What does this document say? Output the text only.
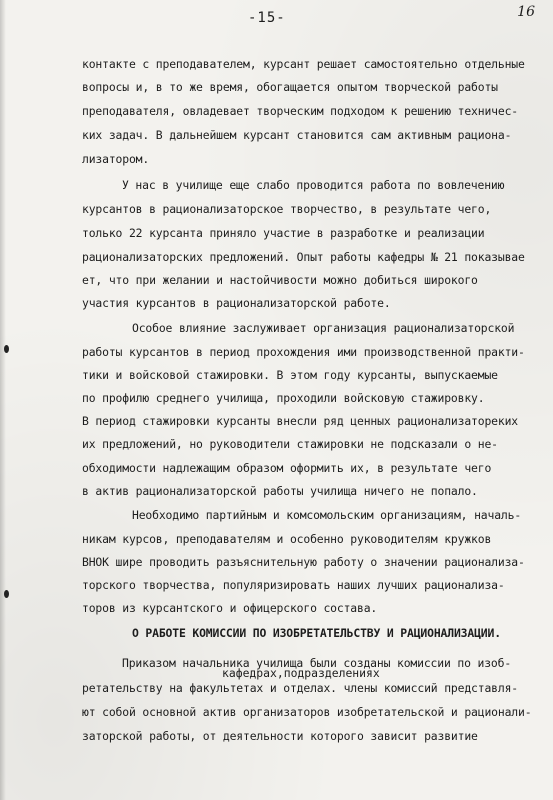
-15-	16
контакте с преподавателем, курсант решает самостоятельно отдельные
вопросы и, в то же время, обогащается опытом творческой работы
преподавателя, овладевает творческим подходом к решению техничес-
ких задач. В дальнейшем курсант становится сам активным рациона-
лизатором.
У нас в училище еще слабо проводится работа по вовлечению
курсантов в рационализаторское творчество, в результате чего,
только 22 курсанта приняло участие в разработке и реализации
рационализаторских предложений. Опыт работы кафедры № 21 показывае
ет, что при желании и настойчивости можно добиться широкого
участия курсантов в рационализаторской работе.
Особое влияние заслуживает организация рационализаторской
работы курсантов в период прохождения ими производственной практи-
тики и войсковой стажировки. В этом году курсанты, выпускаемые
по профилю среднего училища, проходили войсковую стажировку.
В период стажировки курсанты внесли ряд ценных рационализатореких
их предложений, но руководители стажировки не подсказали о не-
обходимости надлежащим образом оформить их, в результате чего
в актив рационализаторской работы училища ничего не попало.
Необходимо партийным и комсомольским организациям, началь-
никам курсов, преподавателям и особенно руководителям кружков
ВНОК шире проводить разъяснительную работу о значении рационализа-
торского творчества, популяризировать наших лучших рационализа-
торов из курсантского и офицерского состава.
О РАБОТЕ КОМИССИИ ПО ИЗОБРЕТАТЕЛЬСТВУ И РАЦИОНАЛИЗАЦИИ.
Приказом начальника училища были созданы комиссии по изоб-
кафедрах,подразделениях
ретательству на факультетах и отделах. члены комиссий представля-
ют собой основной актив организаторов изобретательской и рационали-
заторской работы, от деятельности которого зависит развитие
